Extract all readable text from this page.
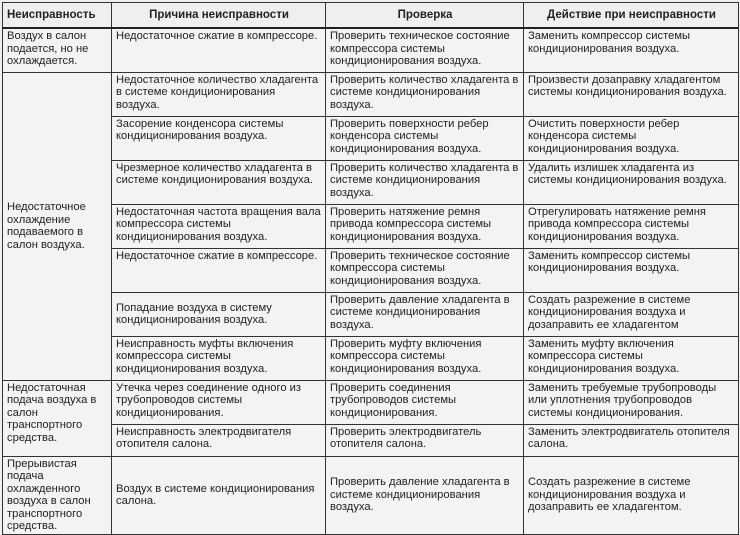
Неисправность	Причина неисправности	Проверка	Действие при неисправности
Воздух в салон подается, но не охлаждается.	Недостаточное сжатие в компрессоре.	Проверить техническое состояние компрессора системы кондиционирования воздуха.	Заменить компрессор системы кондиционирования воздуха.
Недостаточное охлаждение подаваемого в салон воздуха.	Недостаточное количество хладагента в системе кондиционирования воздуха.	Проверить количество хладагента в системе кондиционирования воздуха.	Произвести дозаправку хладагентом системы кондиционирования воздуха.
	Засорение конденсора системы кондиционирования воздуха.	Проверить поверхности ребер конденсора системы кондиционирования воздуха.	Очистить поверхности ребер конденсора системы кондиционирования воздуха.
	Чрезмерное количество хладагента в системе кондиционирования воздуха.	Проверить количество хладагента в системе кондиционирования воздуха.	Удалить излишек хладагента из системы кондиционирования воздуха.
	Недостаточная частота вращения вала компрессора системы кондиционирования воздуха.	Проверить натяжение ремня привода компрессора системы кондиционирования воздуха.	Отрегулировать натяжение ремня привода компрессора системы кондиционирования воздуха.
	Недостаточное сжатие в компрессоре.	Проверить техническое состояние компрессора системы кондиционирования воздуха.	Заменить компрессор системы кондиционирования воздуха.
	Попадание воздуха в систему кондиционирования воздуха.	Проверить давление хладагента в системе кондиционирования воздуха.	Создать разрежение в системе кондиционирования воздуха и дозаправить ее хладагентом
	Неисправность муфты включения компрессора системы кондиционирования воздуха.	Проверить муфту включения компрессора системы кондиционирования воздуха.	Заменить муфту включения компрессора системы кондиционирования воздуха.
Недостаточная подача воздуха в салон транспортного средства.	Утечка через соединение одного из трубопроводов системы кондиционирования.	Проверить соединения трубопроводов системы кондиционирования.	Заменить требуемые трубопроводы или уплотнения трубопроводов системы кондиционирования.
	Неисправность электродвигателя отопителя салона.	Проверить электродвигатель отопителя салона.	Заменить электродвигатель отопителя салона.
Прерывистая подача охлажденного воздуха в салон транспортного средства.	Воздух в системе кондиционирования салона.	Проверить давление хладагента в системе кондиционирования воздуха.	Создать разрежение в системе кондиционирования воздуха и дозаправить ее хладагентом.
